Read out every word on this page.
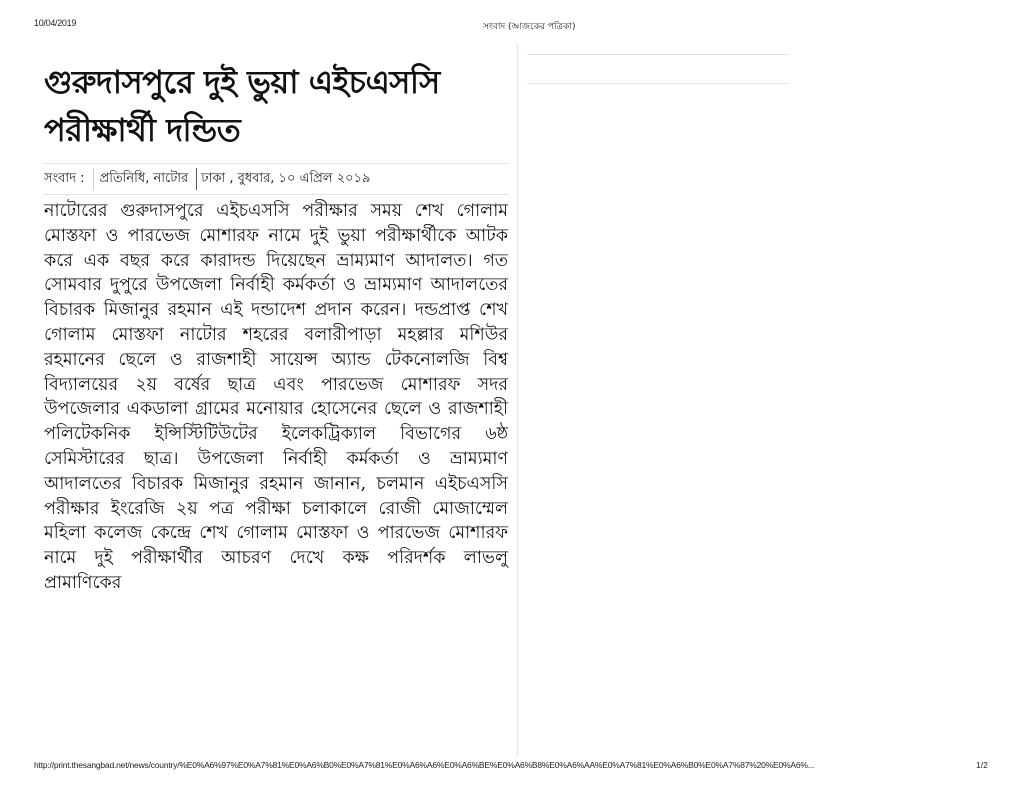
10/04/2019	সংবাদ (আজকের পত্রিকা)
গুরুদাসপুরে দুই ভুয়া এইচএসসি পরীক্ষার্থী দন্ডিত
সংবাদ :	প্রতিনিধি, নাটোর	ঢাকা , বুধবার, ১০ এপ্রিল ২০১৯

নাটোরের গুরুদাসপুরে এইচএসসি পরীক্ষার সময় শেখ গোলাম মোস্তফা ও পারভেজ মোশারফ নামে দুই ভুয়া পরীক্ষার্থীকে আটক করে এক বছর করে কারাদন্ড দিয়েছেন ভ্রাম্যমাণ আদালত। গত সোমবার দুপুরে উপজেলা নির্বাহী কর্মকর্তা ও ভ্রাম্যমাণ আদালতের বিচারক মিজানুর রহমান এই দন্ডাদেশ প্রদান করেন। দন্ডপ্রাপ্ত শেখ গোলাম মোস্তফা নাটোর শহরের বলারীপাড়া মহল্লার মশিউর রহমানের ছেলে ও রাজশাহী সায়েন্স অ্যান্ড টেকনোলজি বিশ্ব বিদ্যালয়ের ২য় বর্ষের ছাত্র এবং পারভেজ মোশারফ সদর উপজেলার একডালা গ্রামের মনোয়ার হোসেনের ছেলে ও রাজশাহী পলিটেকনিক ইন্সিস্টিটিউটের ইলেকট্রিক্যাল বিভাগের ৬ষ্ঠ সেমিস্টারের ছাত্র। উপজেলা নির্বাহী কর্মকর্তা ও ভ্রাম্যমাণ আদালতের বিচারক মিজানুর রহমান জানান, চলমান এইচএসসি পরীক্ষার ইংরেজি ২য় পত্র পরীক্ষা চলাকালে রোজী মোজাম্মেল মহিলা কলেজ কেন্দ্রে শেখ গোলাম মোস্তফা ও পারভেজ মোশারফ নামে দুই পরীক্ষার্থীর আচরণ দেখে কক্ষ পরিদর্শক লাভলু প্রামাণিকের

http://print.thesangbad.net/news/country/%E0%A6%97%E0%A7%81%E0%A6%B0%E0%A7%81%E0%A6%A6%E0%A6%BE%E0%A6%B8%E0%A6%AA%E0%A7%81%E0%A6%B0%E0%A7%87%20%E0%A6%...	1/2
